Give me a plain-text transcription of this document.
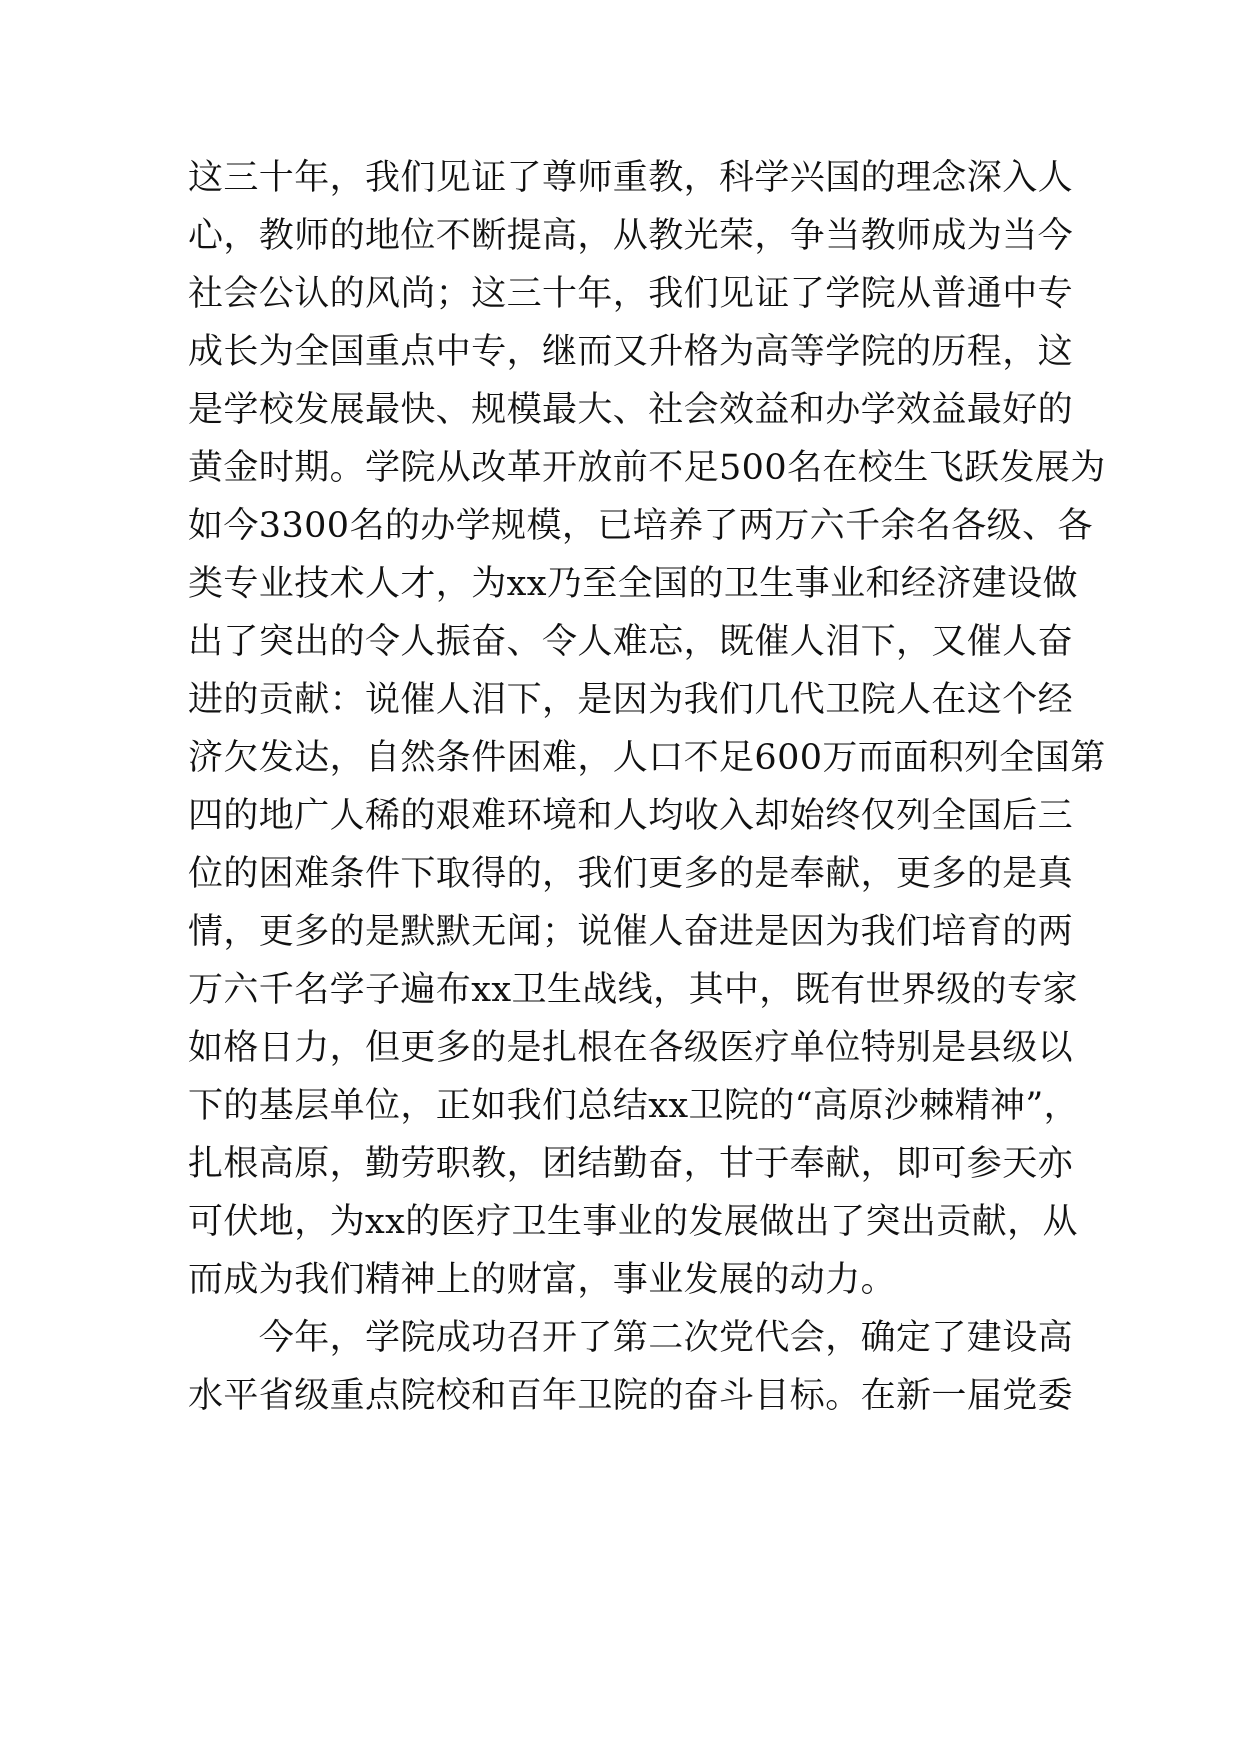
这三十年，我们见证了尊师重教，科学兴国的理念深入人
心，教师的地位不断提高，从教光荣，争当教师成为当今
社会公认的风尚；这三十年，我们见证了学院从普通中专
成长为全国重点中专，继而又升格为高等学院的历程，这
是学校发展最快、规模最大、社会效益和办学效益最好的
黄金时期。学院从改革开放前不足500名在校生飞跃发展为
如今3300名的办学规模，已培养了两万六千余名各级、各
类专业技术人才，为xx乃至全国的卫生事业和经济建设做
出了突出的令人振奋、令人难忘，既催人泪下，又催人奋
进的贡献：说催人泪下，是因为我们几代卫院人在这个经
济欠发达，自然条件困难，人口不足600万而面积列全国第
四的地广人稀的艰难环境和人均收入却始终仅列全国后三
位的困难条件下取得的，我们更多的是奉献，更多的是真
情，更多的是默默无闻；说催人奋进是因为我们培育的两
万六千名学子遍布xx卫生战线，其中，既有世界级的专家
如格日力，但更多的是扎根在各级医疗单位特别是县级以
下的基层单位，正如我们总结xx卫院的“高原沙棘精神”，
扎根高原，勤劳职教，团结勤奋，甘于奉献，即可参天亦
可伏地，为xx的医疗卫生事业的发展做出了突出贡献，从
而成为我们精神上的财富，事业发展的动力。
　　今年，学院成功召开了第二次党代会，确定了建设高
水平省级重点院校和百年卫院的奋斗目标。在新一届党委
